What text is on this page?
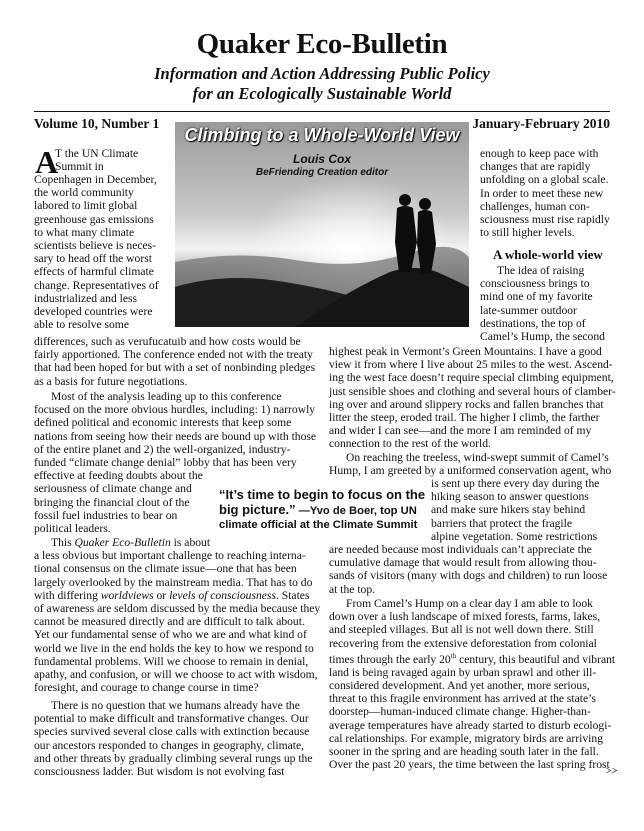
Quaker Eco-Bulletin
Information and Action Addressing Public Policy
for an Ecologically Sustainable World
Volume 10, Number 1	January-February 2010
Climbing to a Whole-World View
Louis Cox
BeFriending Creation editor
A
T the UN Climate
Summit in
Copenhagen in December,
the world community
labored to limit global
greenhouse gas emissions
to what many climate
scientists believe is neces-
sary to head off the worst
effects of harmful climate
change. Representatives of
industrialized and less
developed countries were
able to resolve some
differences, such as verufucatuib and how costs would be
fairly apportioned. The conference ended not with the treaty
that had been hoped for but with a set of nonbinding pledges
as a basis for future negotiations.
Most of the analysis leading up to this conference
focused on the more obvious hurdles, including: 1) narrowly
defined political and economic interests that keep some
nations from seeing how their needs are bound up with those
of the entire planet and 2) the well-organized, industry-
funded “climate change denial” lobby that has been very
effective at feeding doubts about the
seriousness of climate change and
bringing the financial clout of the
fossil fuel industries to bear on
political leaders.
This Quaker Eco-Bulletin is about
a less obvious but important challenge to reaching interna-
tional consensus on the climate issue—one that has been
largely overlooked by the mainstream media. That has to do
with differing worldviews or levels of consciousness. States
of awareness are seldom discussed by the media because they
cannot be measured directly and are difficult to talk about.
Yet our fundamental sense of who we are and what kind of
world we live in the end holds the key to how we respond to
fundamental problems. Will we choose to remain in denial,
apathy, and confusion, or will we choose to act with wisdom,
foresight, and courage to change course in time?
There is no question that we humans already have the
potential to make difficult and transformative changes. Our
species survived several close calls with extinction because
our ancestors responded to changes in geography, climate,
and other threats by gradually climbing several rungs up the
consciousness ladder. But wisdom is not evolving fast
“It’s time to begin to focus on the
big picture.” —Yvo de Boer, top UN
climate official at the Climate Summit
enough to keep pace with
changes that are rapidly
unfolding on a global scale.
In order to meet these new
challenges, human con-
sciousness must rise rapidly
to still higher levels.
A whole-world view
The idea of raising
consciousness brings to
mind one of my favorite
late-summer outdoor
destinations, the top of
Camel’s Hump, the second
highest peak in Vermont’s Green Mountains. I have a good
view it from where I live about 25 miles to the west. Ascend-
ing the west face doesn’t require special climbing equipment,
just sensible shoes and clothing and several hours of clamber-
ing over and around slippery rocks and fallen branches that
litter the steep, eroded trail. The higher I climb, the farther
and wider I can see—and the more I am reminded of my
connection to the rest of the world.
On reaching the treeless, wind-swept summit of Camel’s
Hump, I am greeted by a uniformed conservation agent, who
is sent up there every day during the
hiking season to answer questions
and make sure hikers stay behind
barriers that protect the fragile
alpine vegetation. Some restrictions
are needed because most individuals can’t appreciate the
cumulative damage that would result from allowing thou-
sands of visitors (many with dogs and children) to run loose
at the top.
From Camel’s Hump on a clear day I am able to look
down over a lush landscape of mixed forests, farms, lakes,
and steepled villages. But all is not well down there. Still
recovering from the extensive deforestation from colonial
times through the early 20th century, this beautiful and vibrant
land is being ravaged again by urban sprawl and other ill-
considered development. And yet another, more serious,
threat to this fragile environment has arrived at the state’s
doorstep—human-induced climate change. Higher-than-
average temperatures have already started to disturb ecologi-
cal relationships. For example, migratory birds are arriving
sooner in the spring and are heading south later in the fall.
Over the past 20 years, the time between the last spring frost
>>
